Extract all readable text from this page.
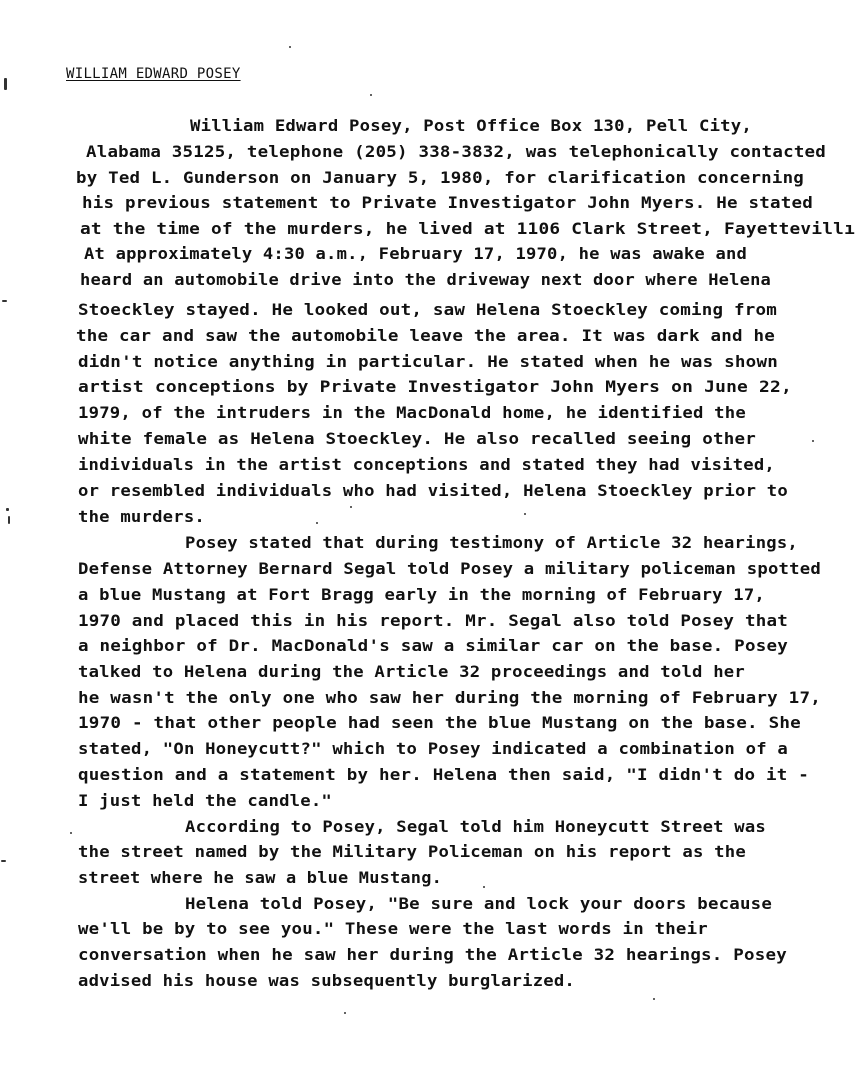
WILLIAM EDWARD POSEY
William Edward Posey, Post Office Box 130, Pell City,
Alabama 35125, telephone (205) 338-3832, was telephonically contacted
by Ted L. Gunderson on January 5, 1980, for clarification concerning
his previous statement to Private Investigator John Myers. He stated
at the time of the murders, he lived at 1106 Clark Street, Fayettevillı
At approximately 4:30 a.m., February 17, 1970, he was awake and
heard an automobile drive into the driveway next door where Helena
Stoeckley stayed. He looked out, saw Helena Stoeckley coming from
the car and saw the automobile leave the area. It was dark and he
didn't notice anything in particular. He stated when he was shown
artist conceptions by Private Investigator John Myers on June 22,
1979, of the intruders in the MacDonald home, he identified the
white female as Helena Stoeckley. He also recalled seeing other
individuals in the artist conceptions and stated they had visited,
or resembled individuals who had visited, Helena Stoeckley prior to
the murders.
Posey stated that during testimony of Article 32 hearings,
Defense Attorney Bernard Segal told Posey a military policeman spotted
a blue Mustang at Fort Bragg early in the morning of February 17,
1970 and placed this in his report. Mr. Segal also told Posey that
a neighbor of Dr. MacDonald's saw a similar car on the base. Posey
talked to Helena during the Article 32 proceedings and told her
he wasn't the only one who saw her during the morning of February 17,
1970 - that other people had seen the blue Mustang on the base. She
stated, "On Honeycutt?" which to Posey indicated a combination of a
question and a statement by her. Helena then said, "I didn't do it -
I just held the candle."
According to Posey, Segal told him Honeycutt Street was
the street named by the Military Policeman on his report as the
street where he saw a blue Mustang.
Helena told Posey, "Be sure and lock your doors because
we'll be by to see you." These were the last words in their
conversation when he saw her during the Article 32 hearings. Posey
advised his house was subsequently burglarized.
